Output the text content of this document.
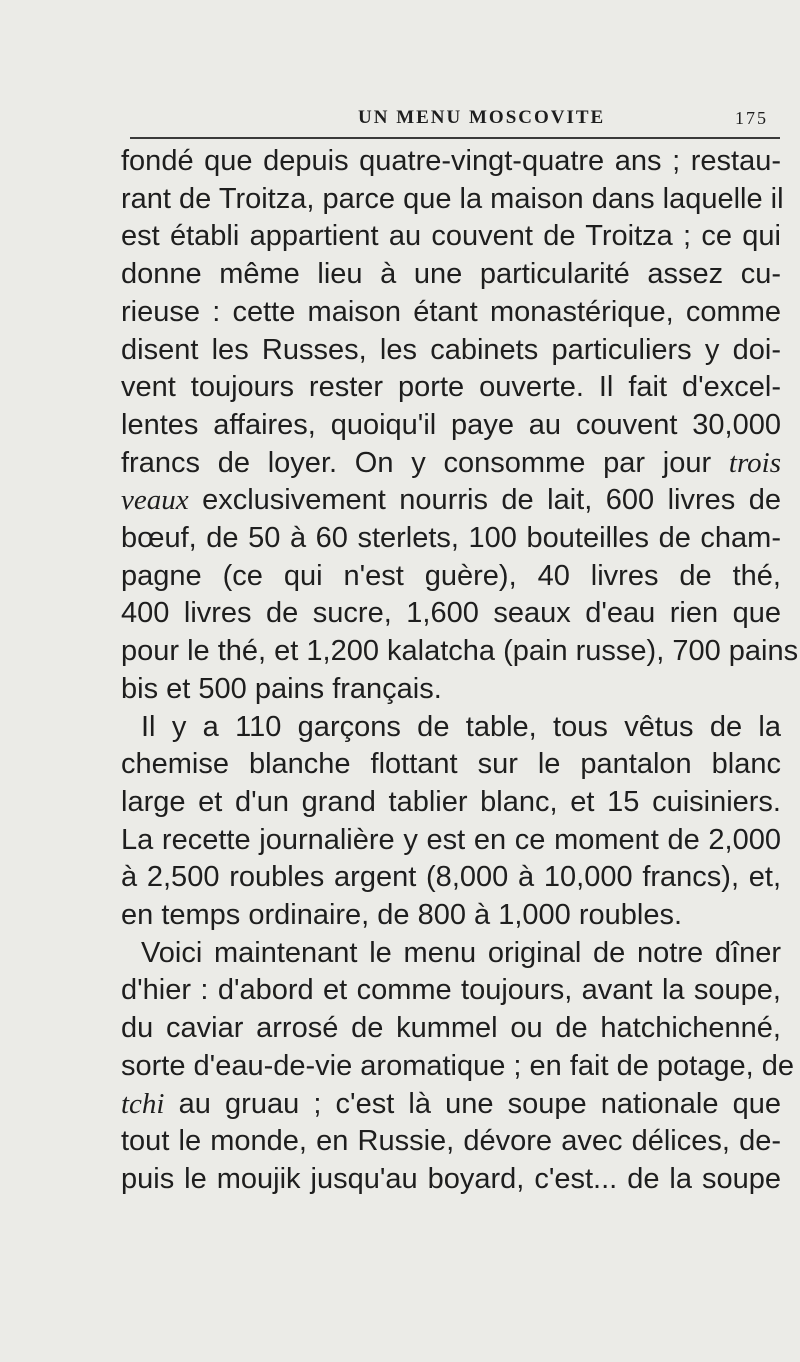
UN MENU MOSCOVITE	175
fondé que depuis quatre-vingt-quatre ans ; restau-
rant de Troitza, parce que la maison dans laquelle il
est établi appartient au couvent de Troitza ; ce qui
donne même lieu à une particularité assez cu-
rieuse : cette maison étant monastérique, comme
disent les Russes, les cabinets particuliers y doi-
vent toujours rester porte ouverte. Il fait d'excel-
lentes affaires, quoiqu'il paye au couvent 30,000
francs de loyer. On y consomme par jour trois
veaux exclusivement nourris de lait, 600 livres de
bœuf, de 50 à 60 sterlets, 100 bouteilles de cham-
pagne (ce qui n'est guère), 40 livres de thé,
400 livres de sucre, 1,600 seaux d'eau rien que
pour le thé, et 1,200 kalatcha (pain russe), 700 pains
bis et 500 pains français.
Il y a 110 garçons de table, tous vêtus de la
chemise blanche flottant sur le pantalon blanc
large et d'un grand tablier blanc, et 15 cuisiniers.
La recette journalière y est en ce moment de 2,000
à 2,500 roubles argent (8,000 à 10,000 francs), et,
en temps ordinaire, de 800 à 1,000 roubles.
Voici maintenant le menu original de notre dîner
d'hier : d'abord et comme toujours, avant la soupe,
du caviar arrosé de kummel ou de hatchichenné,
sorte d'eau-de-vie aromatique ; en fait de potage, de
tchi au gruau ; c'est là une soupe nationale que
tout le monde, en Russie, dévore avec délices, de-
puis le moujik jusqu'au boyard, c'est... de la soupe
